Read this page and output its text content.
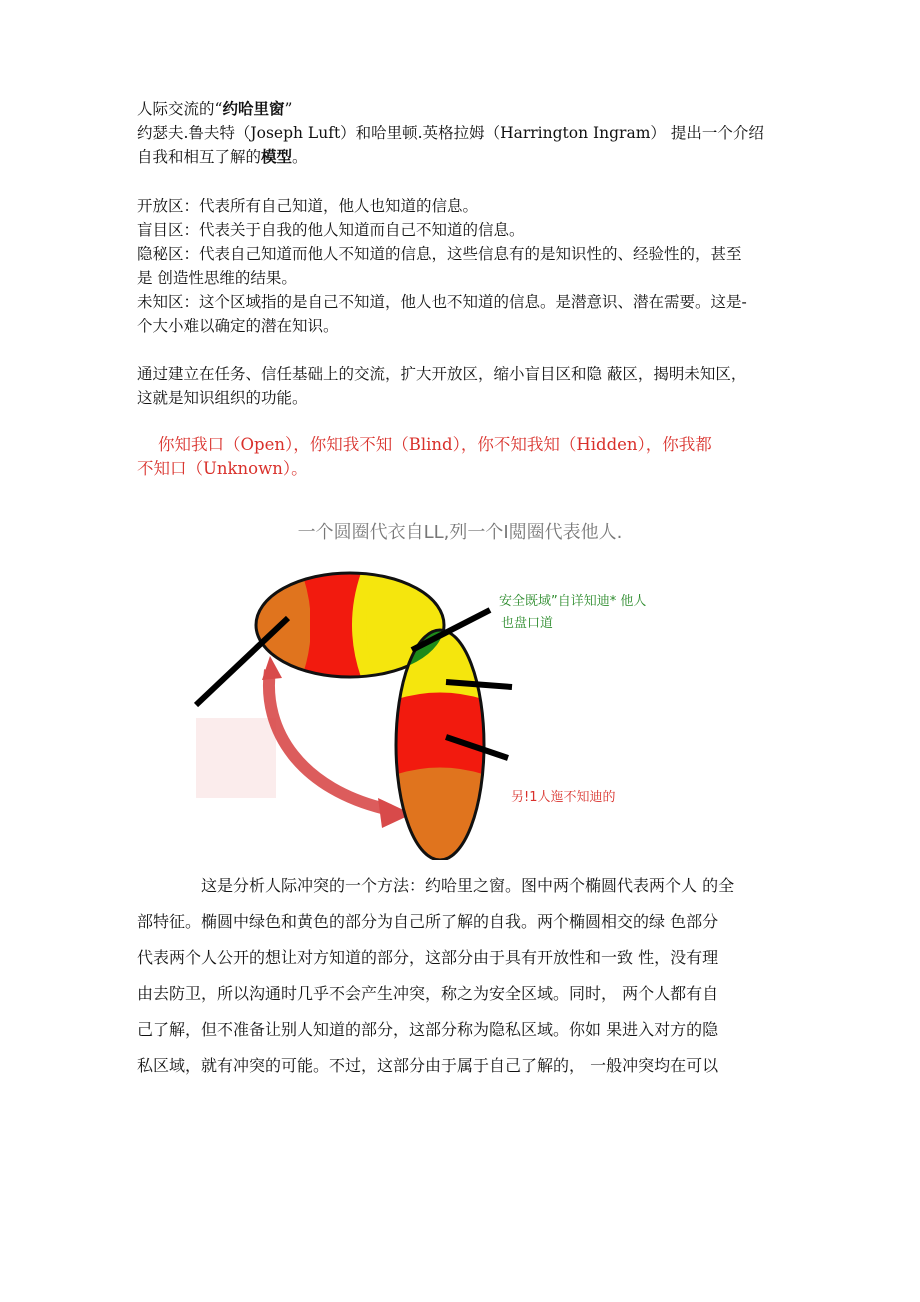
人际交流的“约哈里窗”
约瑟夫.鲁夫特（Joseph Luft）和哈里顿.英格拉姆（Harrington Ingram） 提出一个介绍
自我和相互了解的模型。
开放区：代表所有自己知道，他人也知道的信息。
盲目区：代表关于自我的他人知道而自己不知道的信息。
隐秘区：代表自己知道而他人不知道的信息，这些信息有的是知识性的、经验性的，甚至
是 创造性思维的结果。
未知区：这个区域指的是自己不知道，他人也不知道的信息。是潜意识、潜在需要。这是-
个大小难以确定的潜在知识。
通过建立在任务、信任基础上的交流，扩大开放区，缩小盲目区和隐 蔽区，揭明未知区，
这就是知识组织的功能。
你知我口（Open），你知我不知（Blind），你不知我知（Hidden），你我都
不知口（Unknown）。
一个圆圈代衣自LL,列一个I閲圈代表他人.
安全既域”自详知迪* 他人
也盘口道
另!1人迤不知迪的
这是分析人际冲突的一个方法：约哈里之窗。图中两个椭圆代表两个人 的全
部特征。椭圆中绿色和黄色的部分为自己所了解的自我。两个椭圆相交的绿 色部分
代表两个人公开的想让对方知道的部分，这部分由于具有开放性和一致 性，没有理
由去防卫，所以沟通时几乎不会产生冲突，称之为安全区域。同时， 两个人都有自
己了解，但不准备让别人知道的部分，这部分称为隐私区域。你如 果进入对方的隐
私区域，就有冲突的可能。不过，这部分由于属于自己了解的， 一般冲突均在可以
